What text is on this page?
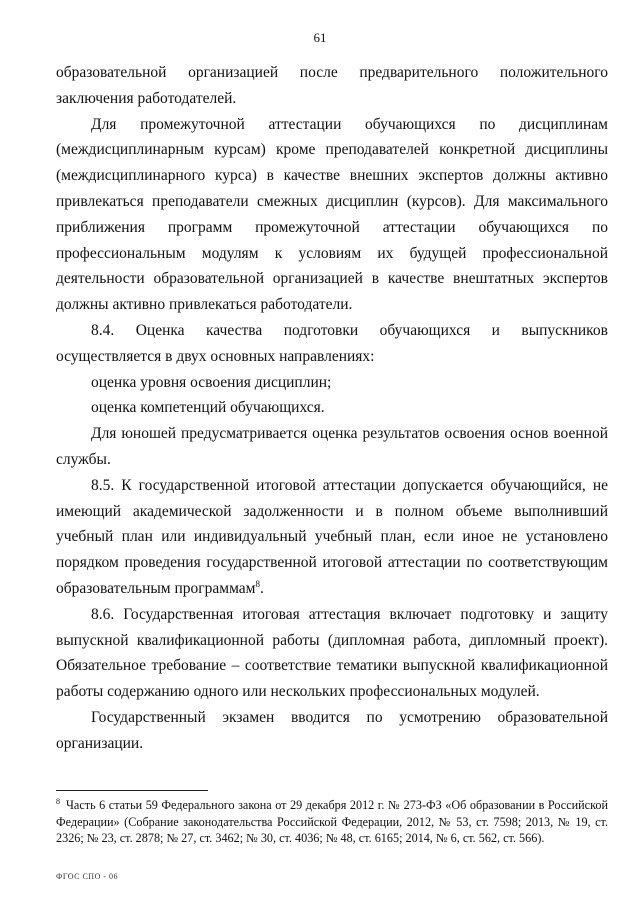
61

образовательной организацией после предварительного положительного заключения работодателей.

Для промежуточной аттестации обучающихся по дисциплинам (междисциплинарным курсам) кроме преподавателей конкретной дисциплины (междисциплинарного курса) в качестве внешних экспертов должны активно привлекаться преподаватели смежных дисциплин (курсов). Для максимального приближения программ промежуточной аттестации обучающихся по профессиональным модулям к условиям их будущей профессиональной деятельности образовательной организацией в качестве внештатных экспертов должны активно привлекаться работодатели.

8.4. Оценка качества подготовки обучающихся и выпускников осуществляется в двух основных направлениях:

оценка уровня освоения дисциплин;

оценка компетенций обучающихся.

Для юношей предусматривается оценка результатов освоения основ военной службы.

8.5. К государственной итоговой аттестации допускается обучающийся, не имеющий академической задолженности и в полном объеме выполнивший учебный план или индивидуальный учебный план, если иное не установлено порядком проведения государственной итоговой аттестации по соответствующим образовательным программам$^8$.

8.6. Государственная итоговая аттестация включает подготовку и защиту выпускной квалификационной работы (дипломная работа, дипломный проект). Обязательное требование – соответствие тематики выпускной квалификационной работы содержанию одного или нескольких профессиональных модулей.

Государственный экзамен вводится по усмотрению образовательной организации.

$^8$ Часть 6 статьи 59 Федерального закона от 29 декабря 2012 г. № 273-ФЗ «Об образовании в Российской Федерации» (Собрание законодательства Российской Федерации, 2012, № 53, ст. 7598; 2013, № 19, ст. 2326; № 23, ст. 2878; № 27, ст. 3462; № 30, ст. 4036; № 48, ст. 6165; 2014, № 6, ст. 562, ст. 566).

ФГОС СПО - 06
